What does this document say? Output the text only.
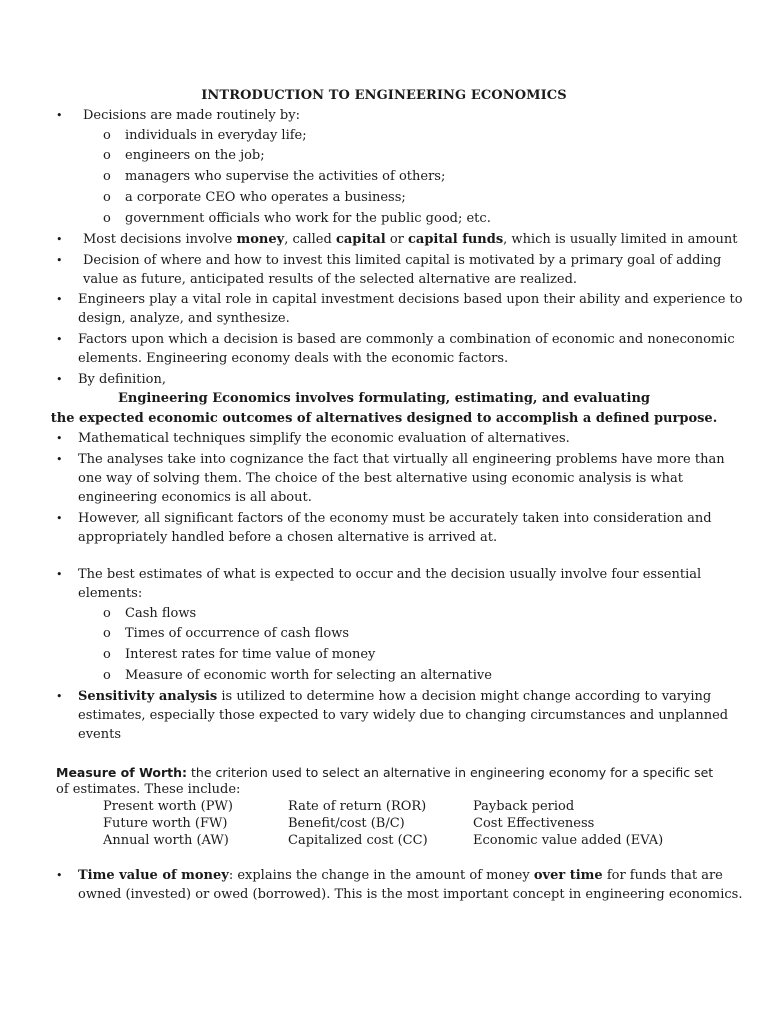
INTRODUCTION TO ENGINEERING ECONOMICS
• Decisions are made routinely by:
o individuals in everyday life;
o engineers on the job;
o managers who supervise the activities of others;
o a corporate CEO who operates a business;
o government officials who work for the public good; etc.
• Most decisions involve money, called capital or capital funds, which is usually limited in amount
• Decision of where and how to invest this limited capital is motivated by a primary goal of adding
value as future, anticipated results of the selected alternative are realized.
• Engineers play a vital role in capital investment decisions based upon their ability and experience to
design, analyze, and synthesize.
• Factors upon which a decision is based are commonly a combination of economic and noneconomic
elements. Engineering economy deals with the economic factors.
• By definition,
Engineering Economics involves formulating, estimating, and evaluating
the expected economic outcomes of alternatives designed to accomplish a defined purpose.
• Mathematical techniques simplify the economic evaluation of alternatives.
• The analyses take into cognizance the fact that virtually all engineering problems have more than
one way of solving them. The choice of the best alternative using economic analysis is what
engineering economics is all about.
• However, all significant factors of the economy must be accurately taken into consideration and
appropriately handled before a chosen alternative is arrived at.
• The best estimates of what is expected to occur and the decision usually involve four essential
elements:
o Cash flows
o Times of occurrence of cash flows
o Interest rates for time value of money
o Measure of economic worth for selecting an alternative
• Sensitivity analysis is utilized to determine how a decision might change according to varying
estimates, especially those expected to vary widely due to changing circumstances and unplanned
events
Measure of Worth: the criterion used to select an alternative in engineering economy for a specific set
of estimates. These include:
Present worth (PW)	Rate of return (ROR)	Payback period
Future worth (FW)	Benefit/cost (B/C)	Cost Effectiveness
Annual worth (AW)	Capitalized cost (CC)	Economic value added (EVA)
• Time value of money: explains the change in the amount of money over time for funds that are
owned (invested) or owed (borrowed). This is the most important concept in engineering economics.
